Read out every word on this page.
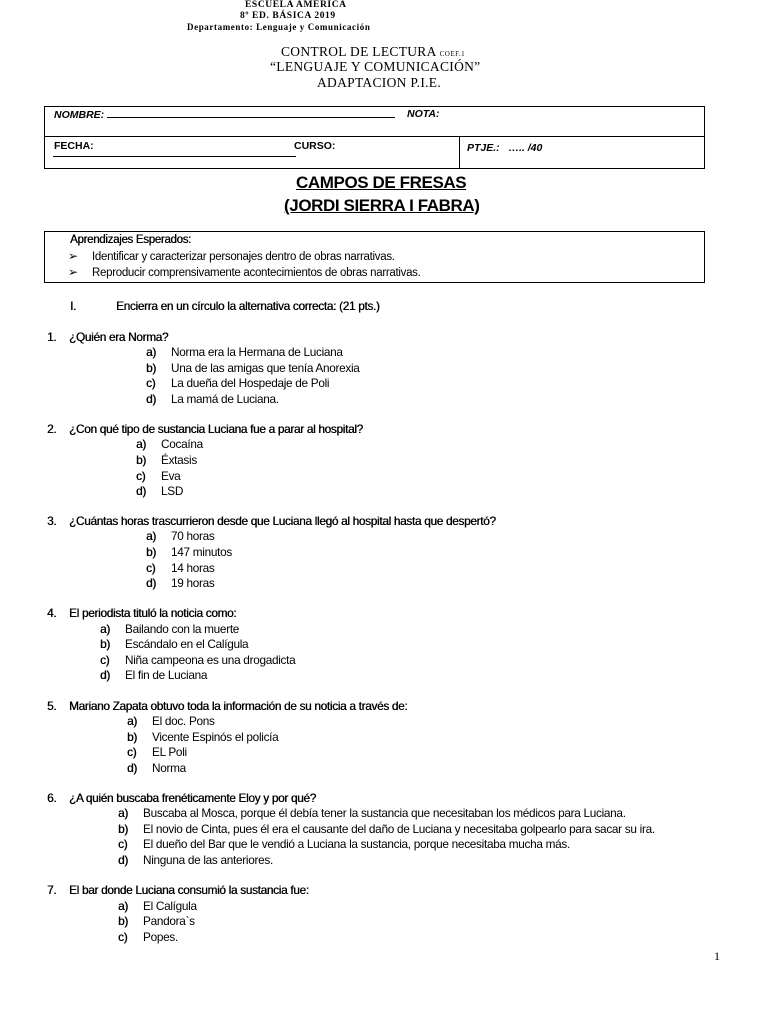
ESCUELA AMERICA
8º ED. BÁSICA 2019
Departamento: Lenguaje y Comunicación
CONTROL DE LECTURA COEF.1
“LENGUAJE Y COMUNICACIÓN”
ADAPTACION P.I.E.
NOMBRE:	NOTA:
FECHA:	CURSO:	PTJE.: ….. /40
CAMPOS DE FRESAS
(JORDI SIERRA I FABRA)
Aprendizajes Esperados:
➢ Identificar y caracterizar personajes dentro de obras narrativas.
➢ Reproducir comprensivamente acontecimientos de obras narrativas.
I.	Encierra en un círculo la alternativa correcta: (21 pts.)
1. ¿Quién era Norma?
a) Norma era la Hermana de Luciana
b) Una de las amigas que tenía Anorexia
c) La dueña del Hospedaje de Poli
d) La mamá de Luciana.
2. ¿Con qué tipo de sustancia Luciana fue a parar al hospital?
a) Cocaína
b) Éxtasis
c) Eva
d) LSD
3. ¿Cuántas horas trascurrieron desde que Luciana llegó al hospital hasta que despertó?
a) 70 horas
b) 147 minutos
c) 14 horas
d) 19 horas
4. El periodista tituló la noticia como:
a) Bailando con la muerte
b) Escándalo en el Calígula
c) Niña campeona es una drogadicta
d) El fin de Luciana
5. Mariano Zapata obtuvo toda la información de su noticia a través de:
a) El doc. Pons
b) Vicente Espinós el policía
c) EL Poli
d) Norma
6. ¿A quién buscaba frenéticamente Eloy y por qué?
a) Buscaba al Mosca, porque él debía tener la sustancia que necesitaban los médicos para Luciana.
b) El novio de Cinta, pues él era el causante del daño de Luciana y necesitaba golpearlo para sacar su ira.
c) El dueño del Bar que le vendió a Luciana la sustancia, porque necesitaba mucha más.
d) Ninguna de las anteriores.
7. El bar donde Luciana consumió la sustancia fue:
a) El Calígula
b) Pandora`s
c) Popes.
1
